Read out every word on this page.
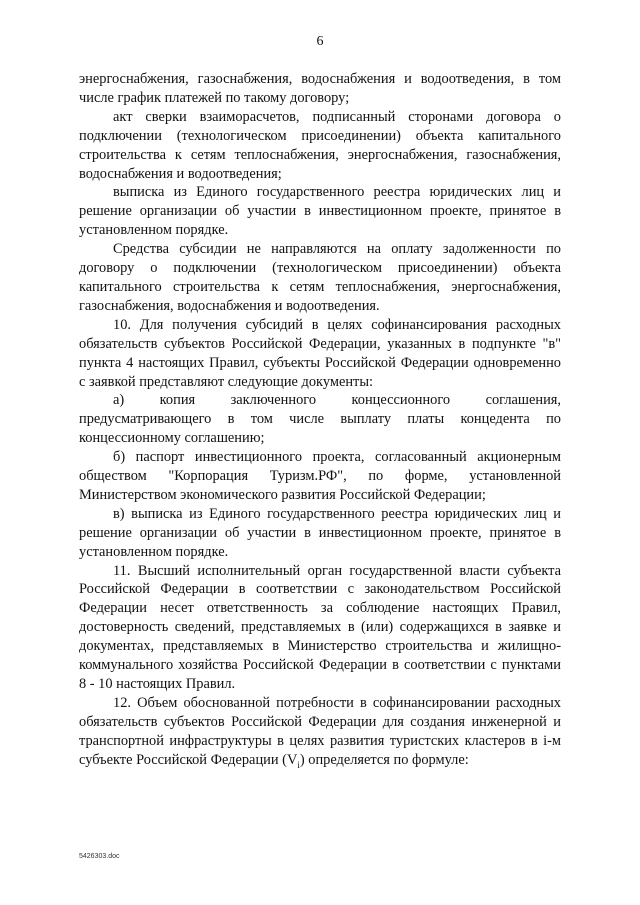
6

энергоснабжения, газоснабжения, водоснабжения и водоотведения, в том числе график платежей по такому договору;

акт сверки взаиморасчетов, подписанный сторонами договора о подключении (технологическом присоединении) объекта капитального строительства к сетям теплоснабжения, энергоснабжения, газоснабжения, водоснабжения и водоотведения;

выписка из Единого государственного реестра юридических лиц и решение организации об участии в инвестиционном проекте, принятое в установленном порядке.

Средства субсидии не направляются на оплату задолженности по договору о подключении (технологическом присоединении) объекта капитального строительства к сетям теплоснабжения, энергоснабжения, газоснабжения, водоснабжения и водоотведения.

10. Для получения субсидий в целях софинансирования расходных обязательств субъектов Российской Федерации, указанных в подпункте "в" пункта 4 настоящих Правил, субъекты Российской Федерации одновременно с заявкой представляют следующие документы:

а) копия заключенного концессионного соглашения, предусматривающего в том числе выплату платы концедента по концессионному соглашению;

б) паспорт инвестиционного проекта, согласованный акционерным обществом "Корпорация Туризм.РФ", по форме, установленной Министерством экономического развития Российской Федерации;

в) выписка из Единого государственного реестра юридических лиц и решение организации об участии в инвестиционном проекте, принятое в установленном порядке.

11. Высший исполнительный орган государственной власти субъекта Российской Федерации в соответствии с законодательством Российской Федерации несет ответственность за соблюдение настоящих Правил, достоверность сведений, представляемых в (или) содержащихся в заявке и документах, представляемых в Министерство строительства и жилищно-коммунального хозяйства Российской Федерации в соответствии с пунктами 8 - 10 настоящих Правил.

12. Объем обоснованной потребности в софинансировании расходных обязательств субъектов Российской Федерации для создания инженерной и транспортной инфраструктуры в целях развития туристских кластеров в i-м субъекте Российской Федерации $(V_i)$ определяется по формуле:

5426303.doc
